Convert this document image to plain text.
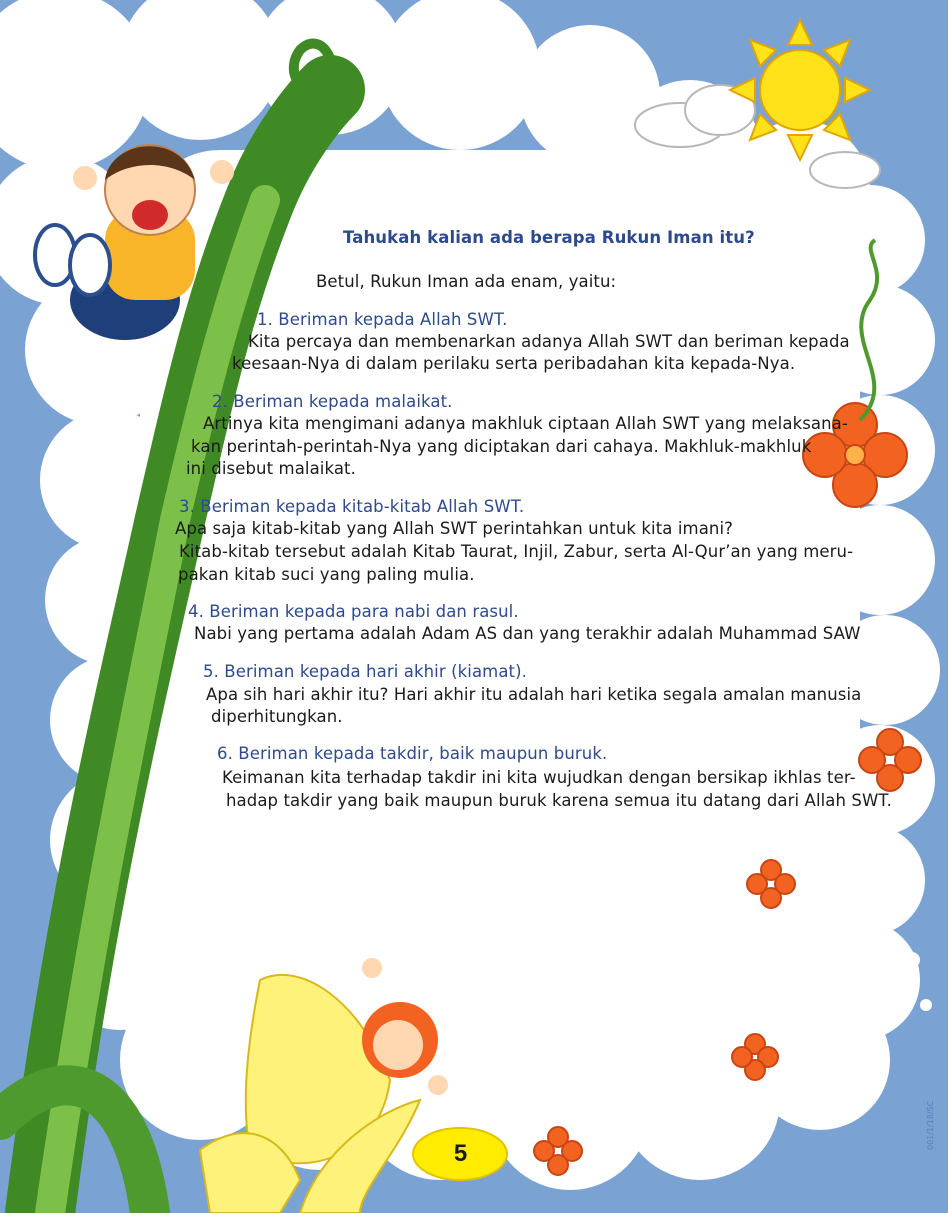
Tahukah kalian ada berapa Rukun Iman itu?
Betul, Rukun Iman ada enam, yaitu:
1. Beriman kepada Allah SWT.
Kita percaya dan membenarkan adanya Allah SWT dan beriman kepada
keesaan-Nya di dalam perilaku serta peribadahan kita kepada-Nya.
2. Beriman kepada malaikat.
Artinya kita mengimani adanya makhluk ciptaan Allah SWT yang melaksana-
kan perintah-perintah-Nya yang diciptakan dari cahaya. Makhluk-makhluk
ini disebut malaikat.
3. Beriman kepada kitab-kitab Allah SWT.
Apa saja kitab-kitab yang Allah SWT perintahkan untuk kita imani?
Kitab-kitab tersebut adalah Kitab Taurat, Injil, Zabur, serta Al-Qur’an yang meru-
pakan kitab suci yang paling mulia.
4. Beriman kepada para nabi dan rasul.
Nabi yang pertama adalah Adam AS dan yang terakhir adalah Muhammad SAW
5. Beriman kepada hari akhir (kiamat).
Apa sih hari akhir itu? Hari akhir itu adalah hari ketika segala amalan manusia
diperhitungkan.
6. Beriman kepada takdir, baik maupun buruk.
Keimanan kita terhadap takdir ini kita wujudkan dengan bersikap ikhlas ter-
hadap takdir yang baik maupun buruk karena semua itu datang dari Allah SWT.
5
001/1/18/SC
